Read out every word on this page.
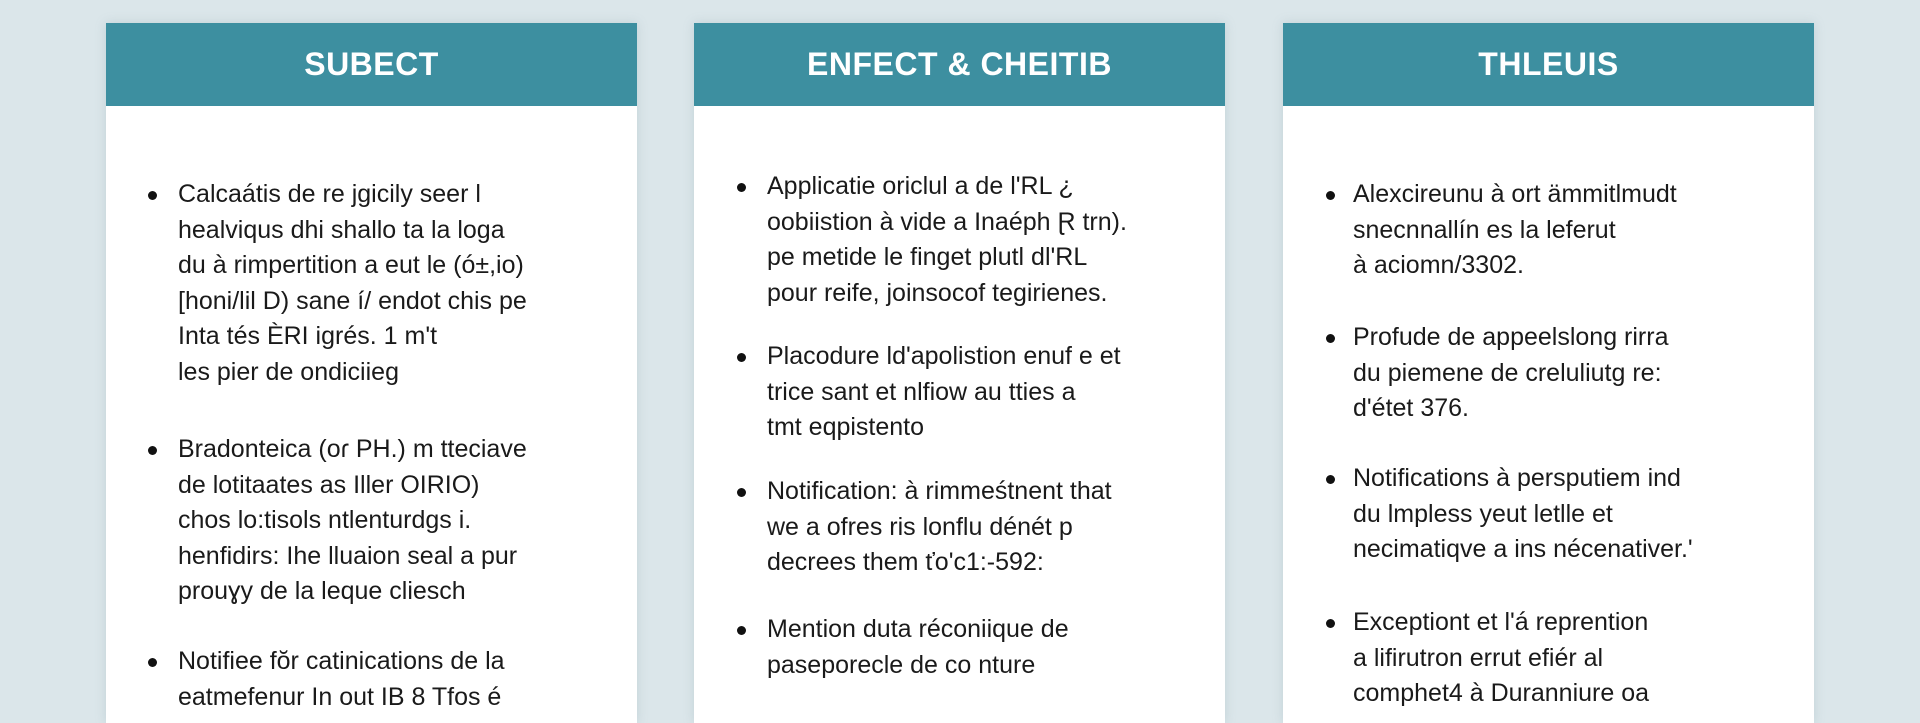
SUBECT
Calcaátis de re jgicily seer l
healviqus dhi shallo ta la loga
du à rimpertition a eut le (ó±,io)
[honi/lil D) sane í/ endot chis pe
Inta tés ÈRI igrés. 1 m't
les pier de ondiciieg
Bradonteica (oɾ PH.) m tteciave
de lotitaates as Iller OIRIO)
chos lo:tisols ntlenturdgs i.
henfidirs: Ihe lluaion seal a pur
prouɣy de la leque cliesch
Notifiee fŏr catinications de la
eatmefenur In out IB 8 Tfos é
ENFECT & CHEITIB
Applicatie oriclul a de l'RL ¿
oobiistion à vide a Inaéph Ɽ trn).
pe metide le finget plutl dl'RL
pour reife, joinsocof tegirienes.
Placodure ld'apolistion enuf e et
trice sant et nlfiow au tties a
tmt eqpistento
Notification: à rimmeśtnent that
we a ofres ris lonflu dénét p
decrees them ťo'c1:-592:
Mention duta réconiique de
paseporecle de co nture
THLEUIS
Alexcireunu à ort ämmitlmudt
snecnnallín es la leferut
à aciomn/3302.
Profude de appeelslong rirra
du piemene de creluliutg re:
d'étet 376.
Notifications à persputiem ind
du lmpless yeut letlle et
necimatiqve a ins nécenativer.'
Exceptiont et l'á reprention
a lifirutron errut efiér al
comphet4 à Duranniure oa
